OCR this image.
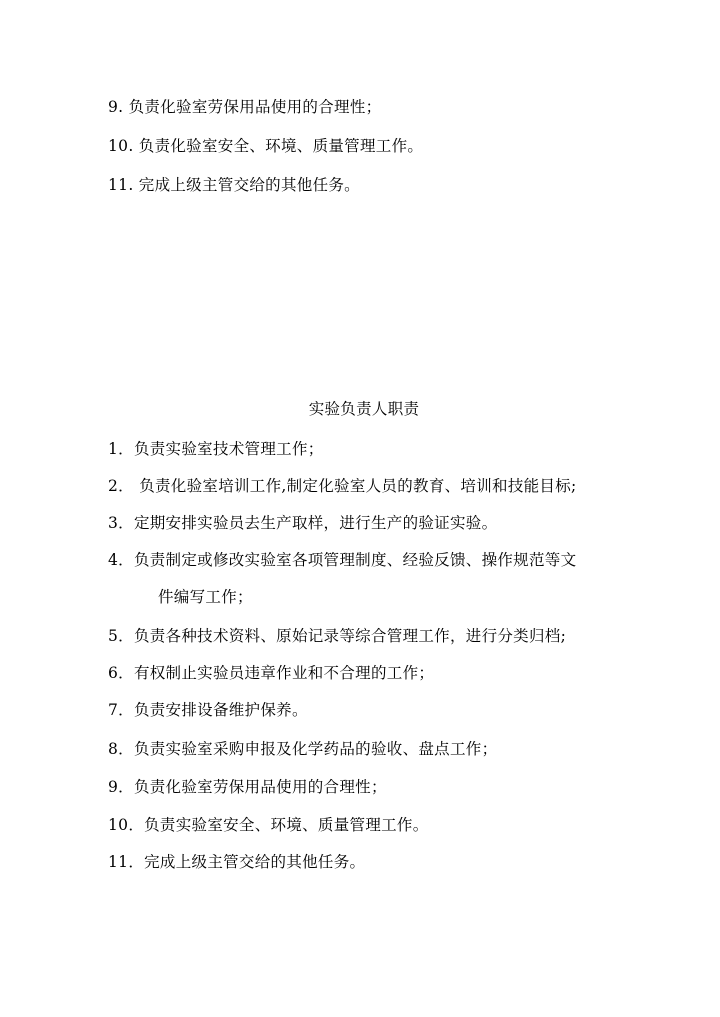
9. 负责化验室劳保用品使用的合理性；
10. 负责化验室安全、环境、质量管理工作。
11. 完成上级主管交给的其他任务。
实验负责人职责
1．负责实验室技术管理工作；
2． 负责化验室培训工作,制定化验室人员的教育、培训和技能目标;
3．定期安排实验员去生产取样，进行生产的验证实验。
4．负责制定或修改实验室各项管理制度、经验反馈、操作规范等文
件编写工作；
5．负责各种技术资料、原始记录等综合管理工作，进行分类归档;
6．有权制止实验员违章作业和不合理的工作；
7．负责安排设备维护保养。
8．负责实验室采购申报及化学药品的验收、盘点工作；
9．负责化验室劳保用品使用的合理性；
10．负责实验室安全、环境、质量管理工作。
11．完成上级主管交给的其他任务。
